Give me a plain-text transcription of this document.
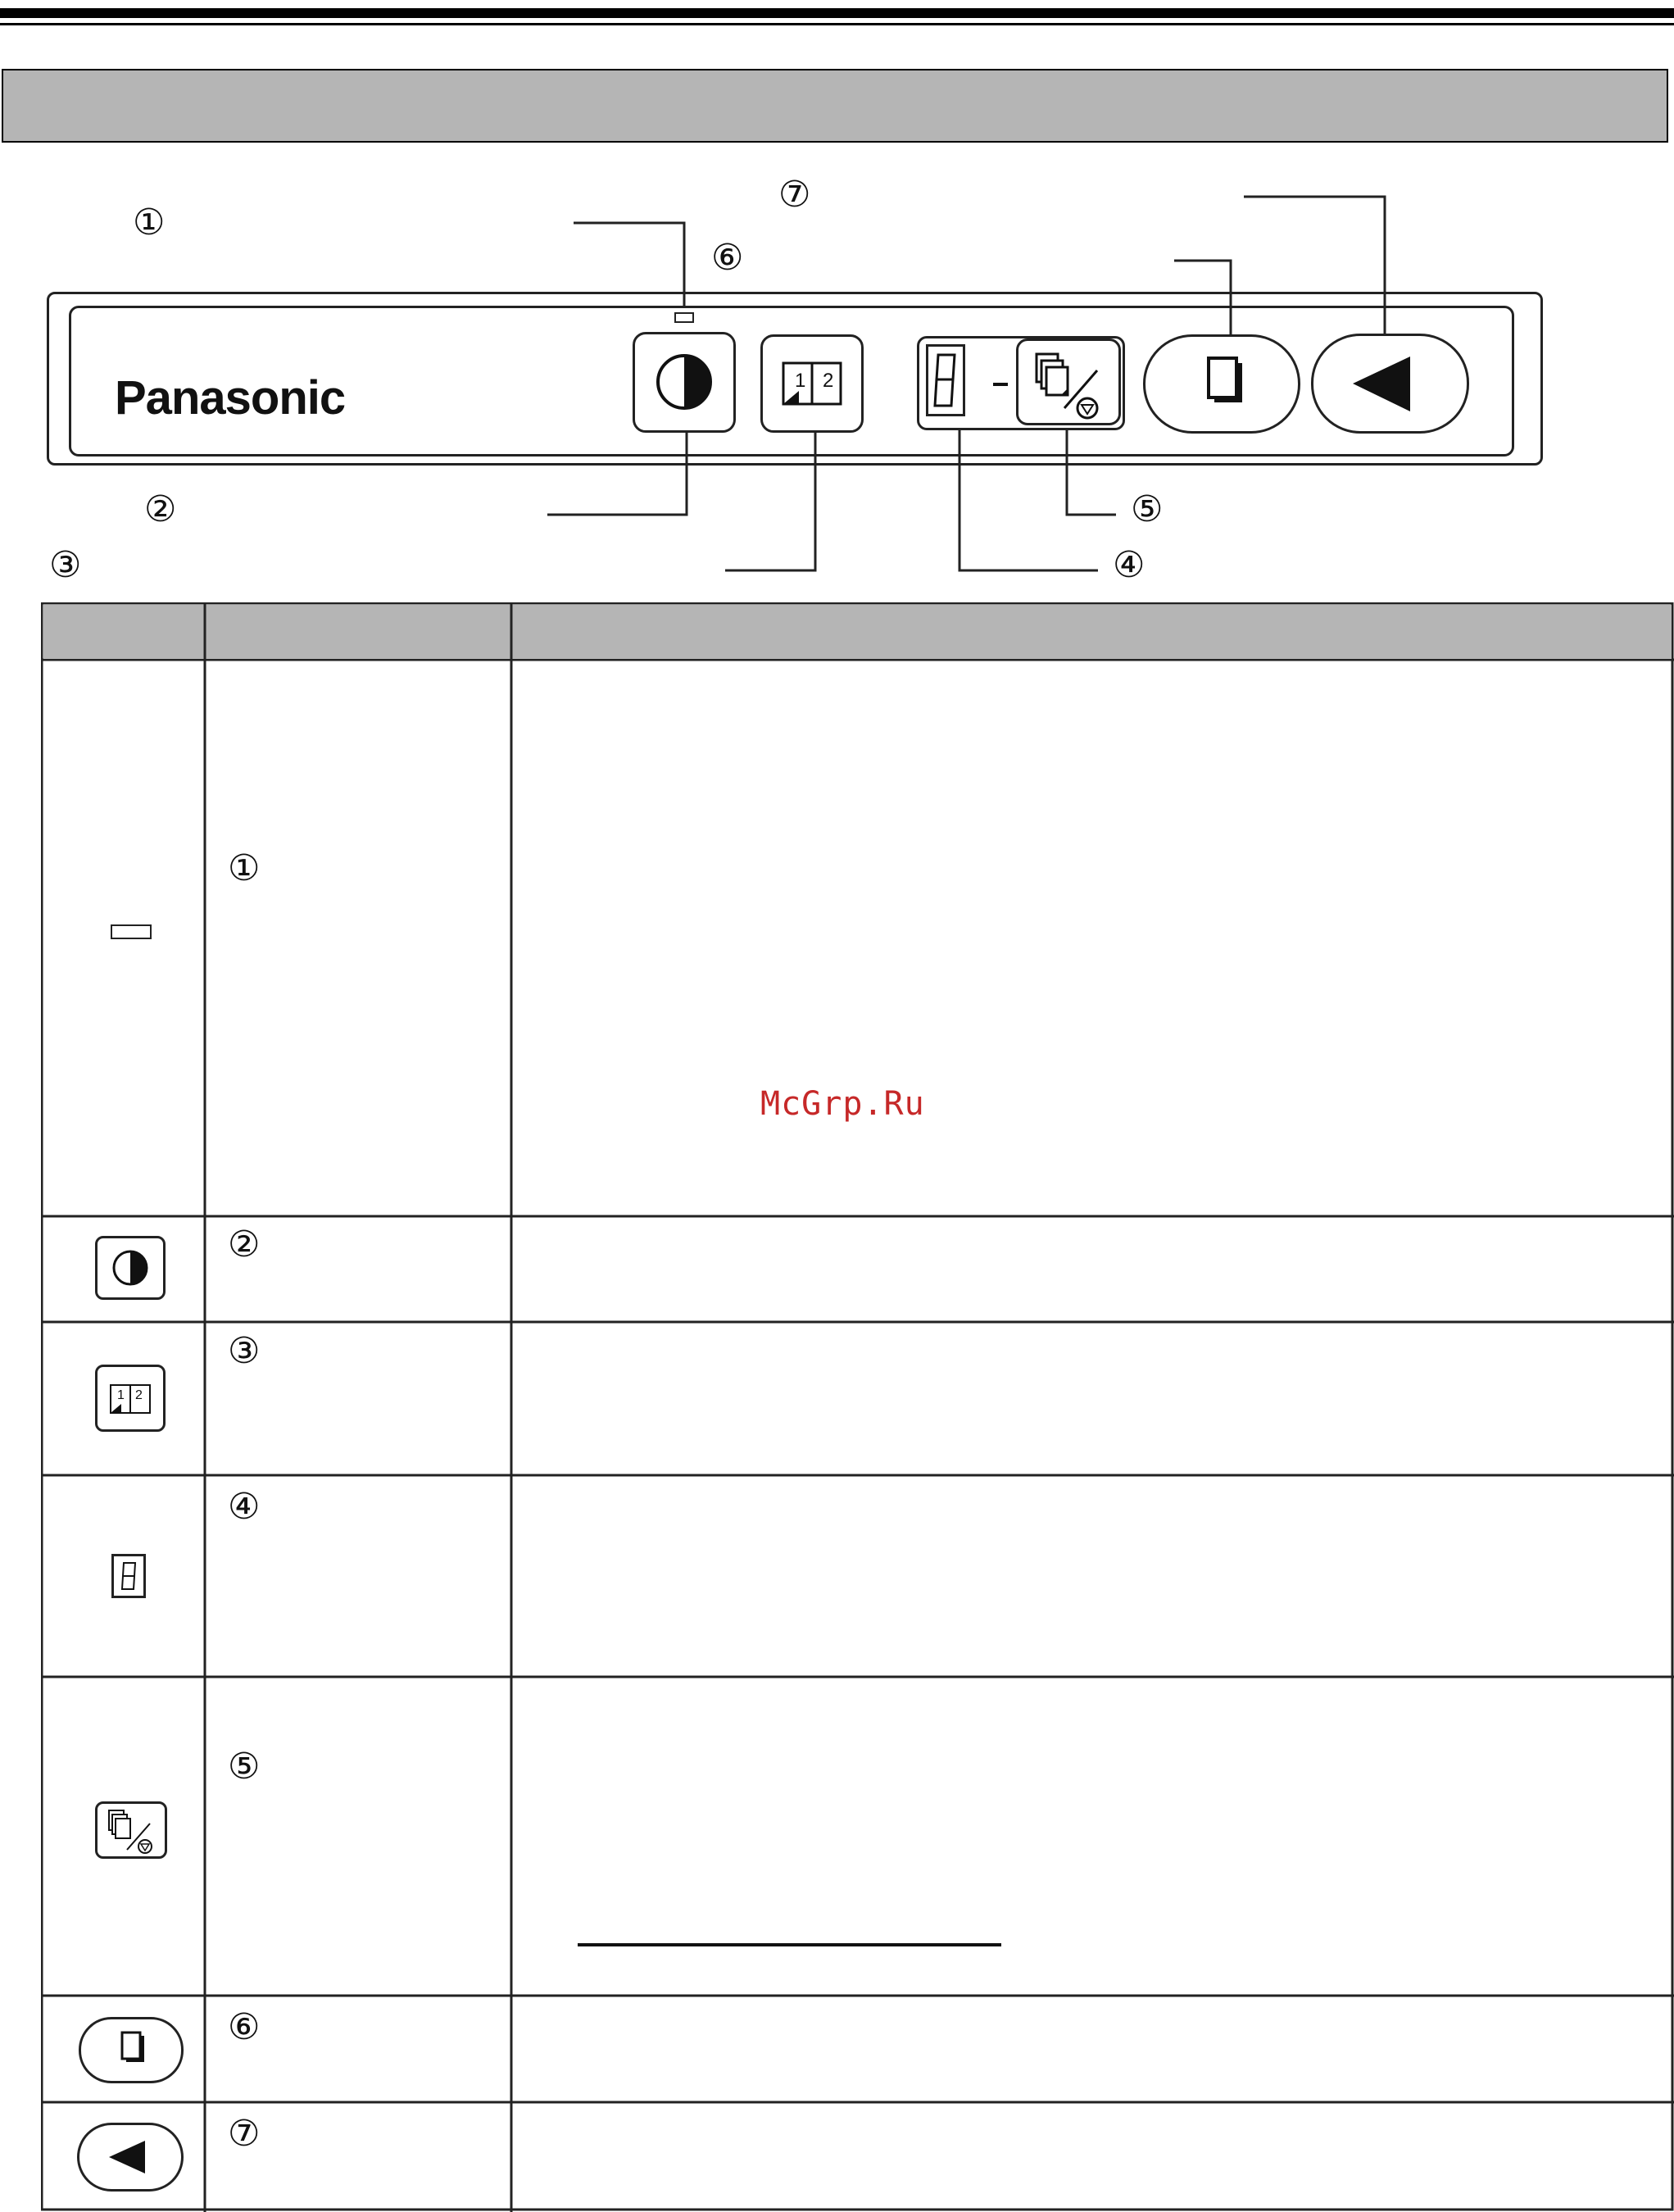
①
②
③	④
⑤
⑥
⑦
Panasonic	1 2
①
②
③
④
⑤
⑥
⑦
1 2
McGrp.Ru
